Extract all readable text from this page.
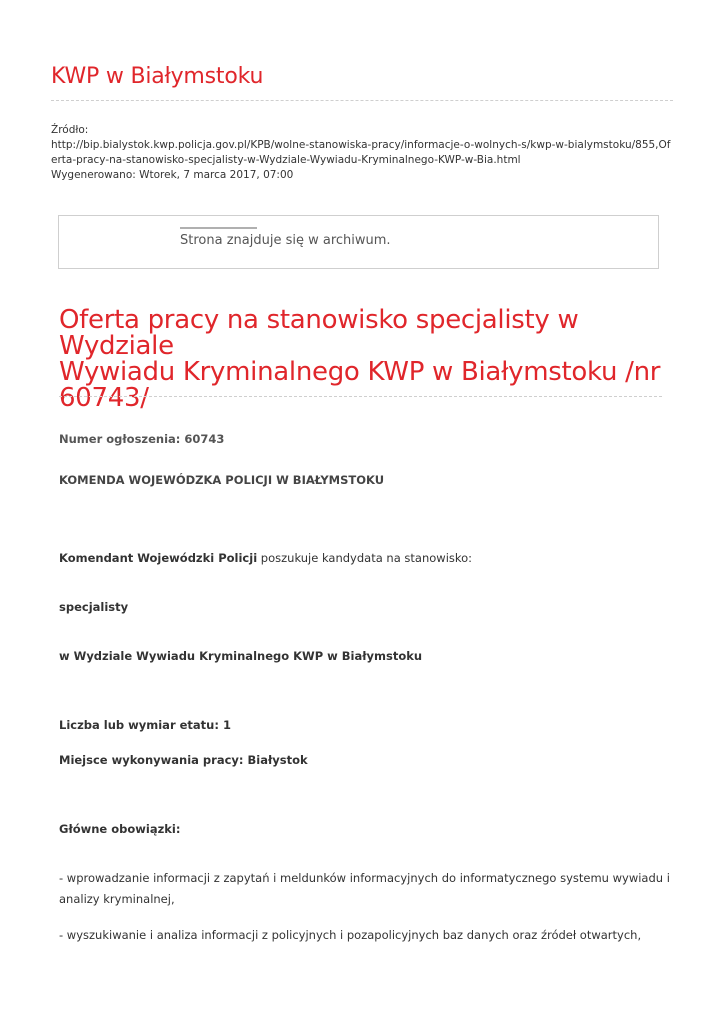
KWP w Białymstoku
Źródło:
http://bip.bialystok.kwp.policja.gov.pl/KPB/wolne-stanowiska-pracy/informacje-o-wolnych-s/kwp-w-bialymstoku/855,Of
erta-pracy-na-stanowisko-specjalisty-w-Wydziale-Wywiadu-Kryminalnego-KWP-w-Bia.html
Wygenerowano: Wtorek, 7 marca 2017, 07:00
Strona znajduje się w archiwum.
Oferta pracy na stanowisko specjalisty w Wydziale
Wywiadu Kryminalnego KWP w Białymstoku /nr
60743/
Numer ogłoszenia: 60743
KOMENDA WOJEWÓDZKA POLICJI W BIAŁYMSTOKU
Komendant Wojewódzki Policji poszukuje kandydata na stanowisko:
specjalisty
w Wydziale Wywiadu Kryminalnego KWP w Białymstoku
Liczba lub wymiar etatu: 1
Miejsce wykonywania pracy: Białystok
Główne obowiązki:
- wprowadzanie informacji z zapytań i meldunków informacyjnych do informatycznego systemu wywiadu i
analizy kryminalnej,
- wyszukiwanie i analiza informacji z policyjnych i pozapolicyjnych baz danych oraz źródeł otwartych,
